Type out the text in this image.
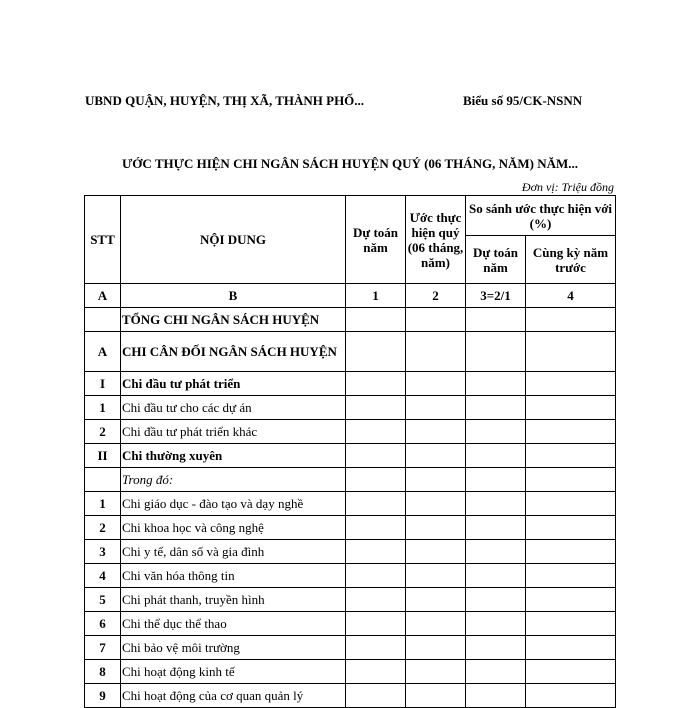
UBND QUẬN, HUYỆN, THỊ XÃ, THÀNH PHỐ...	Biểu số 95/CK-NSNN
ƯỚC THỰC HIỆN CHI NGÂN SÁCH HUYỆN QUÝ (06 THÁNG, NĂM) NĂM...
Đơn vị: Triệu đồng
STT	NỘI DUNG	Dự toán năm	Ước thực hiện quý (06 tháng, năm)	So sánh ước thực hiện với (%)	
				Dự toán năm	Cùng kỳ năm trước
A	B	1	2	3=2/1	4
	TỔNG CHI NGÂN SÁCH HUYỆN				
A	CHI CÂN ĐỐI NGÂN SÁCH HUYỆN				
I	Chi đầu tư phát triển				
1	Chi đầu tư cho các dự án				
2	Chi đầu tư phát triển khác				
II	Chi thường xuyên				
	Trong đó:				
1	Chi giáo dục - đào tạo và dạy nghề				
2	Chi khoa học và công nghệ				
3	Chi y tế, dân số và gia đình				
4	Chi văn hóa thông tin				
5	Chi phát thanh, truyền hình				
6	Chi thể dục thể thao				
7	Chi bảo vệ môi trường				
8	Chi hoạt động kinh tế				
9	Chi hoạt động của cơ quan quản lý				
